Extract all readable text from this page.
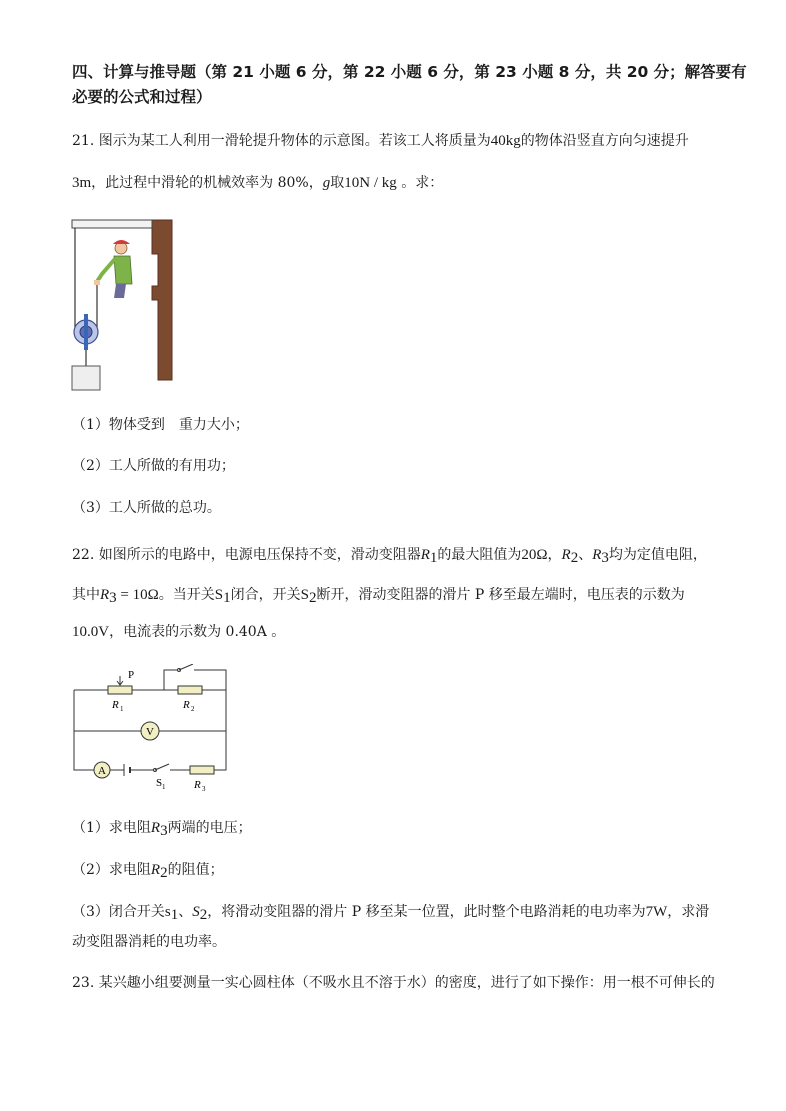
四、计算与推导题（第 21 小题 6 分，第 22 小题 6 分，第 23 小题 8 分，共 20 分；解答要有
必要的公式和过程）
21. 图示为某工人利用一滑轮提升物体的示意图。若该工人将质量为40kg的物体沿竖直方向匀速提升
3m，此过程中滑轮的机械效率为 80%，g取10N / kg 。求：
（1）物体受到　重力大小；
（2）工人所做的有用功；
（3）工人所做的总功。
22. 如图所示的电路中，电源电压保持不变，滑动变阻器$R_1$的最大阻值为20Ω，$R_2$、$R_3$均为定值电阻，
其中$R_3 = 10\Omega$。当开关$S_1$闭合，开关$S_2$断开，滑动变阻器的滑片 P 移至最左端时，电压表的示数为
10.0V，电流表的示数为 0.40A 。
P
R 1	R 2
V
A
S 1	R 3
（1）求电阻$R_3$两端的电压；
（2）求电阻$R_2$的阻值；
（3）闭合开关$s_1$、$S_2$，将滑动变阻器的滑片 P 移至某一位置，此时整个电路消耗的电功率为7W，求滑
动变阻器消耗的电功率。
23. 某兴趣小组要测量一实心圆柱体（不吸水且不溶于水）的密度，进行了如下操作：用一根不可伸长的
